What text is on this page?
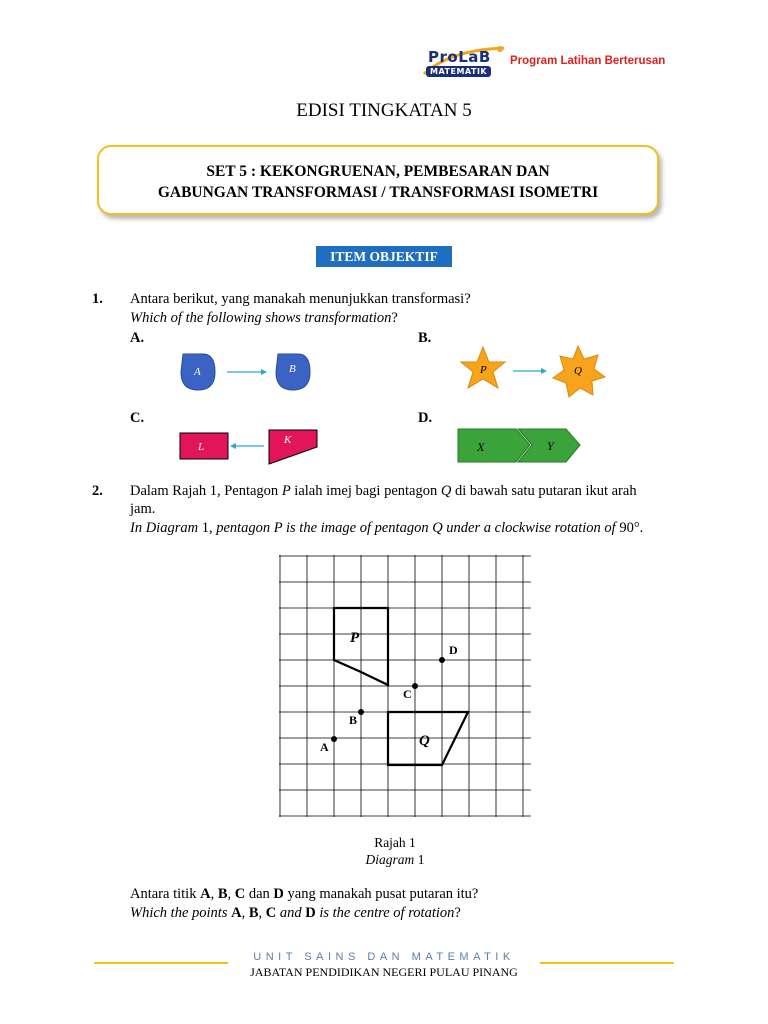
ProLaB
MATEMATIK
Program Latihan Berterusan
EDISI TINGKATAN 5
SET 5 : KEKONGRUENAN, PEMBESARAN DAN
GABUNGAN TRANSFORMASI / TRANSFORMASI ISOMETRI
ITEM OBJEKTIF
1. Antara berikut, yang manakah menunjukkan transformasi?
Which of the following shows transformation?
A.	B.
C.	D.
A	B	P	Q
L
K	X	Y
2. Dalam Rajah 1, Pentagon P ialah imej bagi pentagon Q di bawah satu putaran ikut arah
jam.
In Diagram 1, pentagon P is the image of pentagon Q under a clockwise rotation of 90°.
P
Q
A
B
C
D
Rajah 1
Diagram 1
Antara titik A, B, C dan D yang manakah pusat putaran itu?
Which the points A, B, C and D is the centre of rotation?
UNIT SAINS DAN MATEMATIK
JABATAN PENDIDIKAN NEGERI PULAU PINANG
